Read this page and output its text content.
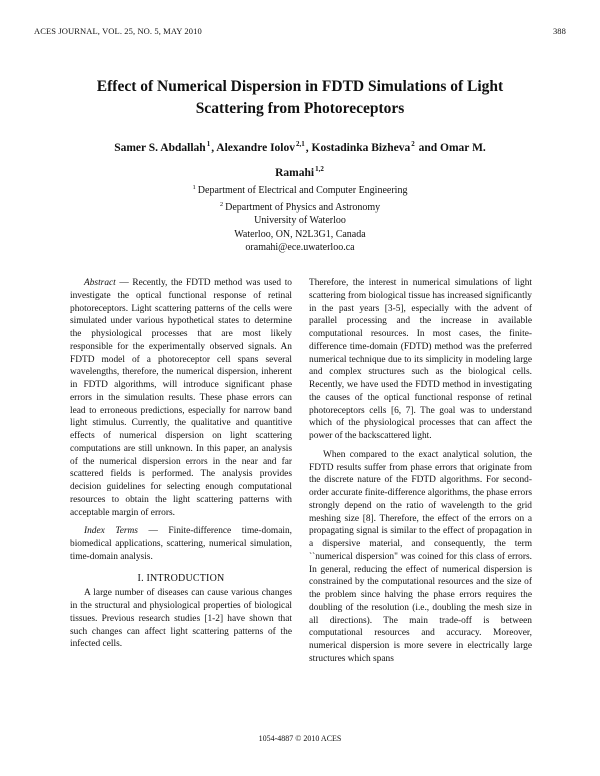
ACES JOURNAL, VOL. 25, NO. 5, MAY 2010	388
Effect of Numerical Dispersion in FDTD Simulations of Light
Scattering from Photoreceptors
Samer S. Abdallah$^1$, Alexandre Iolov$^{2,1}$, Kostadinka Bizheva$^2$ and Omar M.
Ramahi$^{1,2}$
$^1$ Department of Electrical and Computer Engineering
$^2$ Department of Physics and Astronomy
University of Waterloo
Waterloo, ON, N2L3G1, Canada
oramahi@ece.uwaterloo.ca

Abstract — Recently, the FDTD method was used to investigate the optical functional response of retinal photoreceptors. Light scattering patterns of the cells were simulated under various hypothetical states to determine the physiological processes that are most likely responsible for the experimentally observed signals. An FDTD model of a photoreceptor cell spans several wavelengths, therefore, the numerical dispersion, inherent in FDTD algorithms, will introduce significant phase errors in the simulation results. These phase errors can lead to erroneous predictions, especially for narrow band light stimulus. Currently, the qualitative and quantitive effects of numerical dispersion on light scattering computations are still unknown. In this paper, an analysis of the numerical dispersion errors in the near and far scattered fields is performed. The analysis provides decision guidelines for selecting enough computational resources to obtain the light scattering patterns with acceptable margin of errors.

Index Terms — Finite-difference time-domain, biomedical applications, scattering, numerical simulation, time-domain analysis.

I. INTRODUCTION

A large number of diseases can cause various changes in the structural and physiological properties of biological tissues. Previous research studies [1-2] have shown that such changes can affect light scattering patterns of the infected cells.

Therefore, the interest in numerical simulations of light scattering from biological tissue has increased significantly in the past years [3-5], especially with the advent of parallel processing and the increase in available computational resources. In most cases, the finite-difference time-domain (FDTD) method was the preferred numerical technique due to its simplicity in modeling large and complex structures such as the biological cells. Recently, we have used the FDTD method in investigating the causes of the optical functional response of retinal photoreceptors cells [6, 7]. The goal was to understand which of the physiological processes that can affect the power of the backscattered light.

When compared to the exact analytical solution, the FDTD results suffer from phase errors that originate from the discrete nature of the FDTD algorithms. For second-order accurate finite-difference algorithms, the phase errors strongly depend on the ratio of wavelength to the grid meshing size [8]. Therefore, the effect of the errors on a propagating signal is similar to the effect of propagation in a dispersive material, and consequently, the term ``numerical dispersion" was coined for this class of errors. In general, reducing the effect of numerical dispersion is constrained by the computational resources and the size of the problem since halving the phase errors requires the doubling of the resolution (i.e., doubling the mesh size in all directions). The main trade-off is between computational resources and accuracy. Moreover, numerical dispersion is more severe in electrically large structures which spans

1054-4887 © 2010 ACES
